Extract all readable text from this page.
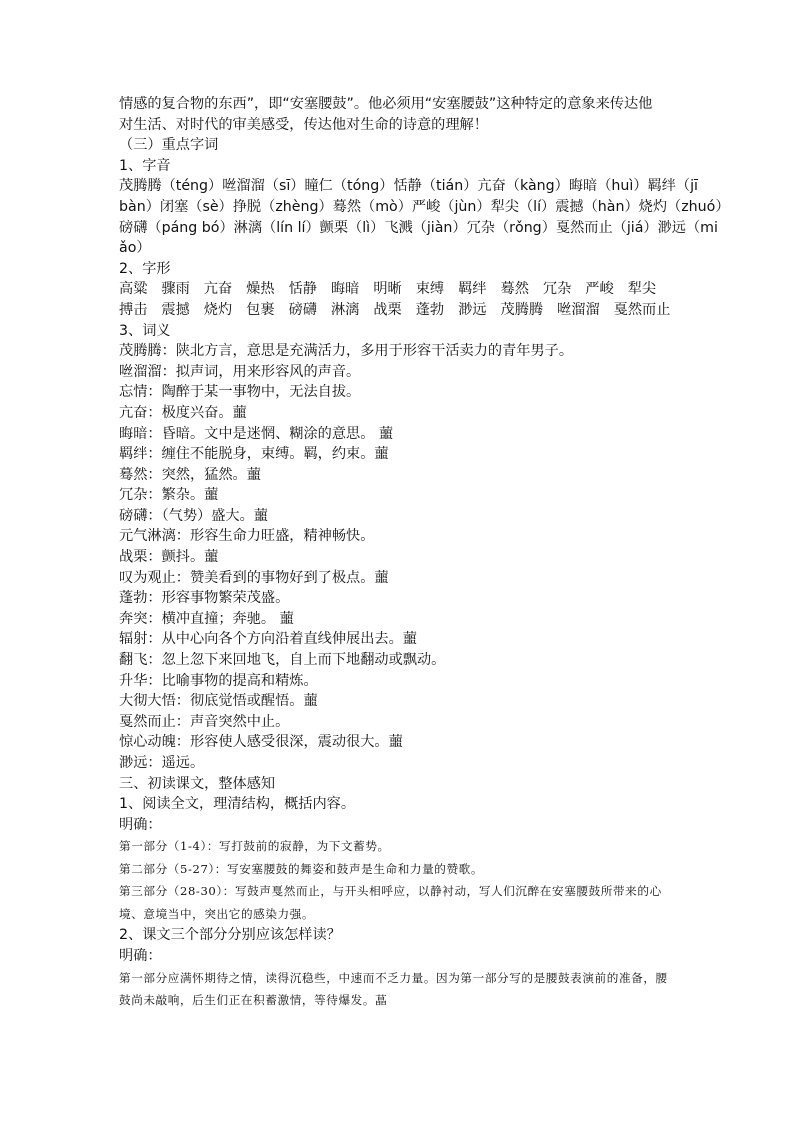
情感的复合物的东西”，即“安塞腰鼓”。他必须用“安塞腰鼓”这种特定的意象来传达他
对生活、对时代的审美感受，传达他对生命的诗意的理解！
（三）重点字词
1、字音
茂腾腾（téng）咝溜溜（sī）瞳仁（tóng）恬静（tián）亢奋（kàng）晦暗（huì）羁绊（jī
bàn）闭塞（sè）挣脱（zhèng）蓦然（mò）严峻（jùn）犁尖（lí）震撼（hàn）烧灼（zhuó）
磅礴（páng bó）淋漓（lín lí）颤栗（lì）飞溅（jiàn）冗杂（rǒng）戛然而止（jiá）渺远（mi
ǎo）
2、字形
高粱 骤雨 亢奋 燥热 恬静 晦暗 明晰 束缚 羁绊 蓦然 冗杂 严峻 犁尖
搏击 震撼 烧灼 包裹 磅礴 淋漓 战栗 蓬勃 渺远 茂腾腾 咝溜溜 戛然而止
3、词义
茂腾腾：陕北方言，意思是充满活力，多用于形容干活卖力的青年男子。
咝溜溜：拟声词，用来形容风的声音。
忘情：陶醉于某一事物中，无法自拔。
亢奋：极度兴奋。蘁
晦暗：昏暗。文中是迷惘、糊涂的意思。 蘁
羁绊：缠住不能脱身，束缚。羁，约束。蘁
蓦然：突然，猛然。蘁
冗杂：繁杂。蘁
磅礴：（气势）盛大。蘁
元气淋漓：形容生命力旺盛，精神畅快。
战栗：颤抖。蘁
叹为观止：赞美看到的事物好到了极点。蘁
蓬勃：形容事物繁荣茂盛。
奔突：横冲直撞；奔驰。 蘁
辐射：从中心向各个方向沿着直线伸展出去。蘁
翻飞：忽上忽下来回地飞，自上而下地翻动或飘动。
升华：比喻事物的提高和精炼。
大彻大悟：彻底觉悟或醒悟。蘁
戛然而止：声音突然中止。
惊心动魄：形容使人感受很深，震动很大。蘁
渺远：遥远。
三、初读课文，整体感知
1、阅读全文，理清结构，概括内容。
明确：
第一部分（1-4）：写打鼓前的寂静，为下文蓄势。
第二部分（5-27）：写安塞腰鼓的舞姿和鼓声是生命和力量的赞歌。
第三部分（28-30）：写鼓声戛然而止，与开头相呼应，以静衬动，写人们沉醉在安塞腰鼓所带来的心境、意境当中，突出它的感染力强。
2、课文三个部分分别应该怎样读？
明确：
第一部分应满怀期待之情，读得沉稳些，中速而不乏力量。因为第一部分写的是腰鼓表演前的准备，腰鼓尚未敲响，后生们正在积蓄激情，等待爆发。蕌
